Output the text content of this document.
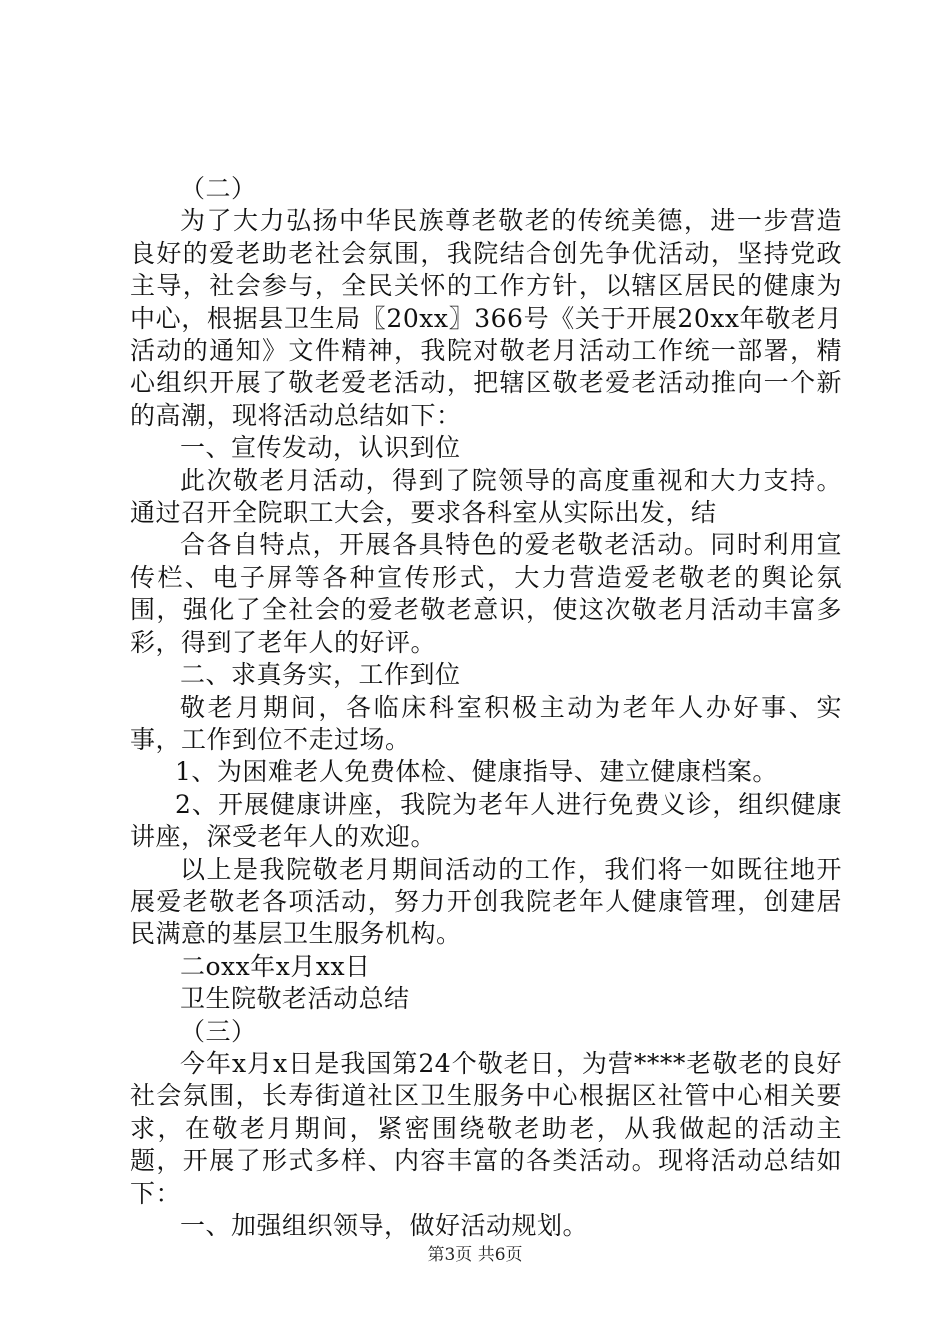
（二）

为了大力弘扬中华民族尊老敬老的传统美德，进一步营造良好的爱老助老社会氛围，我院结合创先争优活动，坚持党政主导，社会参与，全民关怀的工作方针，以辖区居民的健康为中心，根据县卫生局〖20xx〗366号《关于开展20xx年敬老月活动的通知》文件精神，我院对敬老月活动工作统一部署，精心组织开展了敬老爱老活动，把辖区敬老爱老活动推向一个新的高潮，现将活动总结如下：

一、宣传发动，认识到位

此次敬老月活动，得到了院领导的高度重视和大力支持。通过召开全院职工大会，要求各科室从实际出发，结

合各自特点，开展各具特色的爱老敬老活动。同时利用宣传栏、电子屏等各种宣传形式，大力营造爱老敬老的舆论氛围，强化了全社会的爱老敬老意识，使这次敬老月活动丰富多彩，得到了老年人的好评。

二、求真务实，工作到位

敬老月期间，各临床科室积极主动为老年人办好事、实事，工作到位不走过场。

1、为困难老人免费体检、健康指导、建立健康档案。

2、开展健康讲座，我院为老年人进行免费义诊，组织健康讲座，深受老年人的欢迎。

以上是我院敬老月期间活动的工作，我们将一如既往地开展爱老敬老各项活动，努力开创我院老年人健康管理，创建居民满意的基层卫生服务机构。

二oxx年x月xx日

卫生院敬老活动总结

（三）

今年x月x日是我国第24个敬老日，为营****老敬老的良好社会氛围，长寿街道社区卫生服务中心根据区社管中心相关要求，在敬老月期间，紧密围绕敬老助老，从我做起的活动主题，开展了形式多样、内容丰富的各类活动。现将活动总结如下：

一、加强组织领导，做好活动规划。

第3页 共6页
